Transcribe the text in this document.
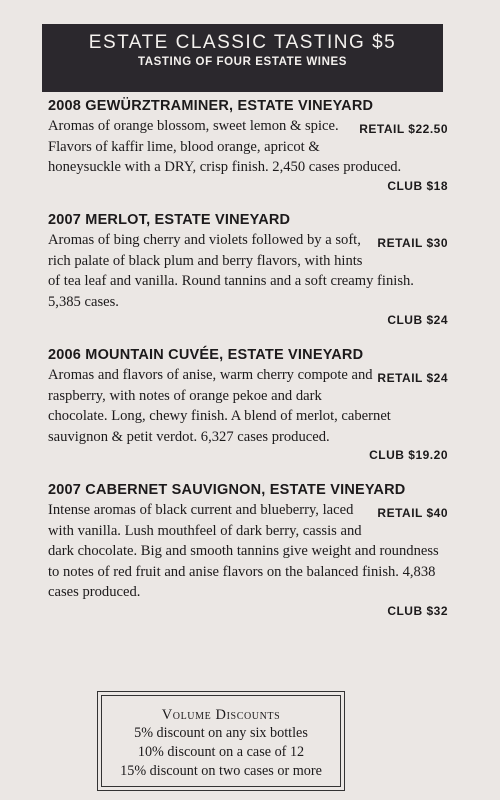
ESTATE CLASSIC TASTING $5
TASTING OF FOUR ESTATE WINES
2008 GEWÜRZTRAMINER, ESTATE VINEYARD
RETAIL $22.50
Aromas of orange blossom, sweet lemon & spice. Flavors of kaffir lime, blood orange, apricot & honeysuckle with a DRY, crisp finish. 2,450 cases produced.
CLUB $18
2007 MERLOT, ESTATE VINEYARD
RETAIL $30
Aromas of bing cherry and violets followed by a soft, rich palate of black plum and berry flavors, with hints of tea leaf and vanilla. Round tannins and a soft creamy finish. 5,385 cases.
CLUB $24
2006 MOUNTAIN CUVÉE, ESTATE VINEYARD
RETAIL $24
Aromas and flavors of anise, warm cherry compote and raspberry, with notes of orange pekoe and dark chocolate. Long, chewy finish. A blend of merlot, cabernet sauvignon & petit verdot. 6,327 cases produced.
CLUB $19.20
2007 CABERNET SAUVIGNON, ESTATE VINEYARD
RETAIL $40
Intense aromas of black current and blueberry, laced with vanilla. Lush mouthfeel of dark berry, cassis and dark chocolate. Big and smooth tannins give weight and roundness to notes of red fruit and anise flavors on the balanced finish. 4,838 cases produced.
CLUB $32
Volume Discounts
5% discount on any six bottles
10% discount on a case of 12
15% discount on two cases or more
